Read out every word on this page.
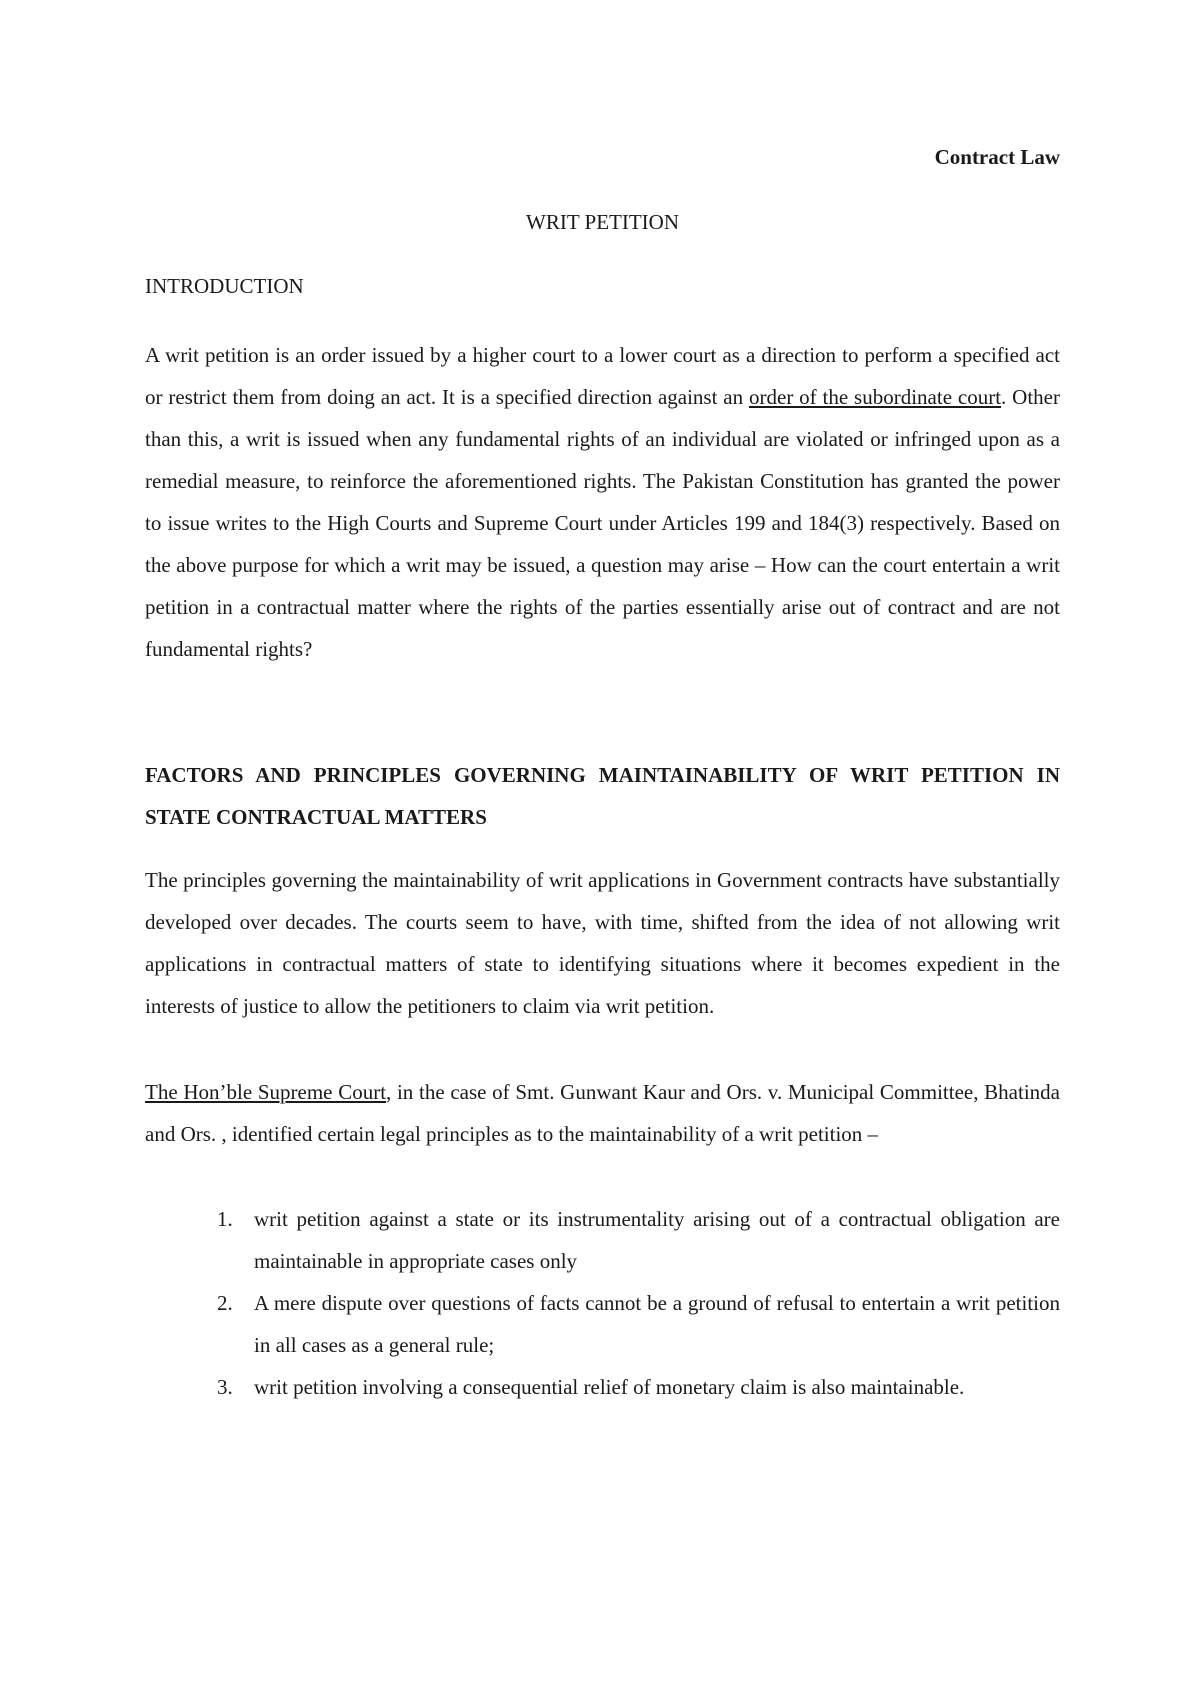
Contract Law
WRIT PETITION
INTRODUCTION

A writ petition is an order issued by a higher court to a lower court as a direction to perform a specified act or restrict them from doing an act. It is a specified direction against an order of the subordinate court. Other than this, a writ is issued when any fundamental rights of an individual are violated or infringed upon as a remedial measure, to reinforce the aforementioned rights. The Pakistan Constitution has granted the power to issue writes to the High Courts and Supreme Court under Articles 199 and 184(3) respectively. Based on the above purpose for which a writ may be issued, a question may arise – How can the court entertain a writ petition in a contractual matter where the rights of the parties essentially arise out of contract and are not fundamental rights?

FACTORS AND PRINCIPLES GOVERNING MAINTAINABILITY OF WRIT PETITION IN STATE CONTRACTUAL MATTERS

The principles governing the maintainability of writ applications in Government contracts have substantially developed over decades. The courts seem to have, with time, shifted from the idea of not allowing writ applications in contractual matters of state to identifying situations where it becomes expedient in the interests of justice to allow the petitioners to claim via writ petition.

The Hon’ble Supreme Court, in the case of Smt. Gunwant Kaur and Ors. v. Municipal Committee, Bhatinda and Ors. , identified certain legal principles as to the maintainability of a writ petition –

1. writ petition against a state or its instrumentality arising out of a contractual obligation are maintainable in appropriate cases only
2. A mere dispute over questions of facts cannot be a ground of refusal to entertain a writ petition in all cases as a general rule;
3. writ petition involving a consequential relief of monetary claim is also maintainable.
